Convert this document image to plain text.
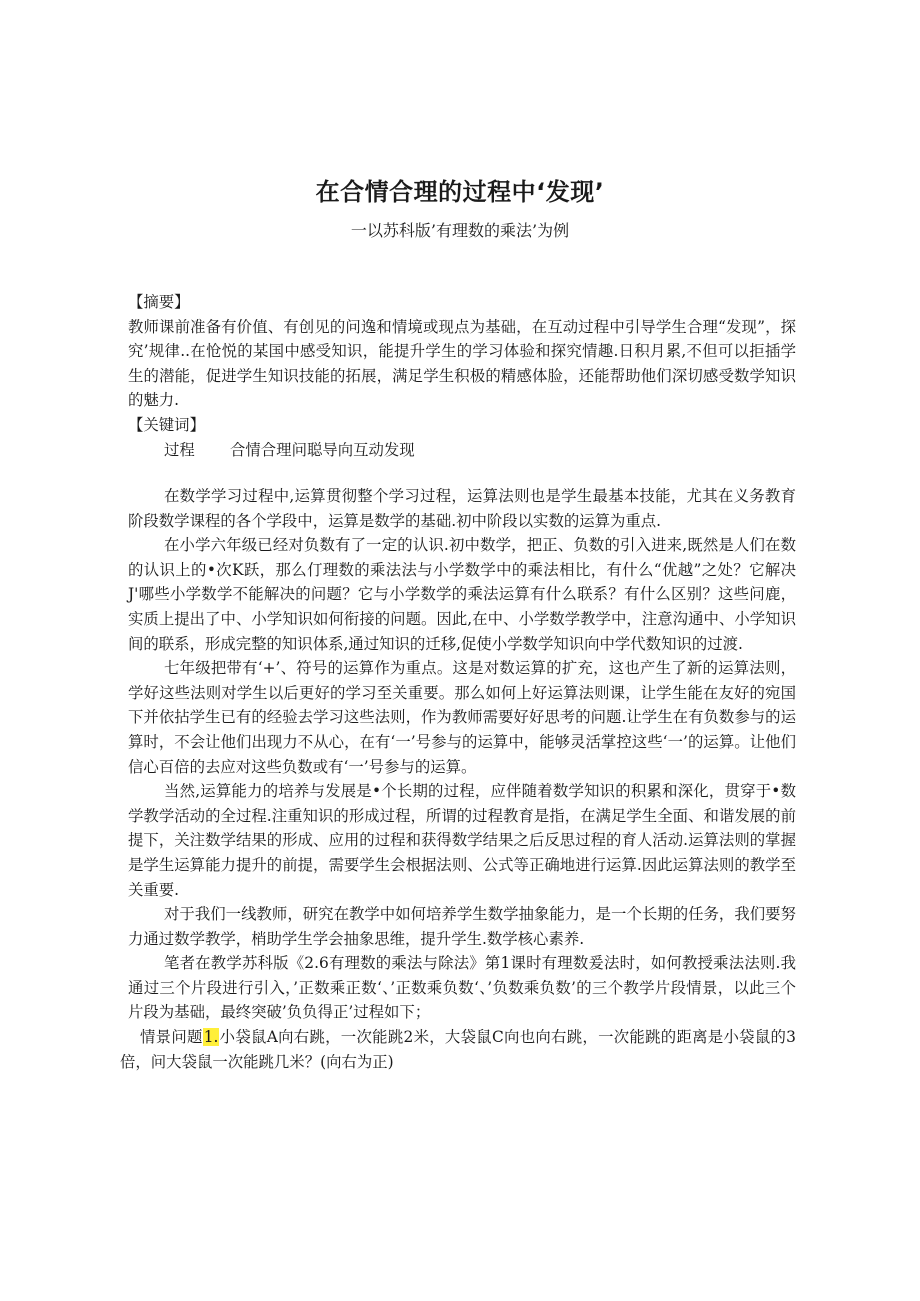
在合情合理的过程中‘发现’
一以苏科版’有理数的乘法’为例

【摘要】

教师课前准备有价值、有创见的问逸和情境或现点为基础，在互动过程中引导学生合理“发现”，探究’规律..在怆悦的某国中感受知识，能提升学生的学习体验和探究情趣.日积月累,不但可以拒插学生的潜能，促进学生知识技能的拓展，满足学生积极的精感体脸，还能帮助他们深切感受数学知识的魅力.

【关键词】

过程 合情合理问聪导向互动发现

在数学学习过程中,运算贯彻整个学习过程，运算法则也是学生最基本技能，尤其在义务教育阶段数学课程的各个学段中，运算是数学的基础.初中阶段以实数的运算为重点.

在小学六年级已经对负数有了一定的认识.初中数学，把正、负数的引入进来,既然是人们在数的认识上的•次K跃，那么仃理数的乘法法与小学数学中的乘法相比，有什么“优越”之处？它解决J'哪些小学数学不能解决的问题？它与小学数学的乘法运算有什么联系？有什么区别？这些问鹿，实质上提出了中、小学知识如何衔接的问题。因此,在中、小学数学教学中，注意沟通中、小学知识间的联系，形成完整的知识体系,通过知识的迁移,促使小学数学知识向中学代数知识的过渡.

七年级把带有‘+’、符号的运算作为重点。这是对数运算的扩充，这也产生了新的运算法则，学好这些法则对学生以后更好的学习至关重要。那么如何上好运算法则课，让学生能在友好的宛国下并依拈学生已有的经验去学习这些法则，作为教师需要好好思考的问题.让学生在有负数参与的运算时，不会让他们出现力不从心，在有‘一’号参与的运算中，能够灵活掌控这些‘一’的运算。让他们信心百倍的去应对这些负数或有‘一’号参与的运算。

当然,运算能力的培养与发展是•个长期的过程，应伴随着数学知识的积累和深化，贯穿于•数学教学活动的全过程.注重知识的形成过程，所谓的过程教育是指，在满足学生全面、和谐发展的前提下，关注数学结果的形成、应用的过程和获得数学结果之后反思过程的育人活动.运算法则的掌握是学生运算能力提升的前提，需要学生会根据法则、公式等正确地进行运算.因此运算法则的教学至关重要.

对于我们一线教师，研究在教学中如何培养学生数学抽象能力，是一个长期的任务，我们要努力通过数学教学，梢助学生学会抽象思维，提升学生.数学核心素养.

笔者在教学苏科版《2.6有理数的乘法与除法》第1课时有理数爰法时，如何教授乘法法则.我通过三个片段进行引入，’正数乘正数‘、’正数乘负数‘、’负数乘负数’的三个教学片段情景，以此三个片段为基础，最终突破’负负得正’过程如下；

情景问题1.小袋鼠A向右跳，一次能跳2米，大袋鼠C向也向右跳，一次能跳的距离是小袋鼠的3倍，问大袋鼠一次能跳几米？(向右为正)
